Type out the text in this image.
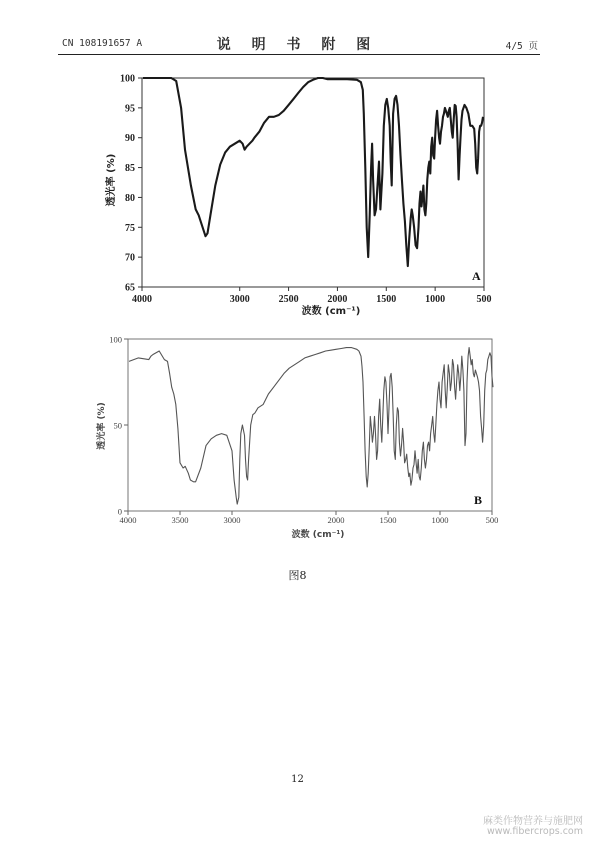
CN 108191657 A	说 明 书 附 图	4/5 页
4000	3000	2500	2000	1500	1000	500
100
95
90
85
80
75
70
65
透光率 (%)
波数 (cm⁻¹)
A
4000	3500	3000	2000	1500	1000	500
100
50
0
透光率 (%)
波数 (cm⁻¹)
B
图8
12
麻类作物营养与施肥网
www.fibercrops.com
